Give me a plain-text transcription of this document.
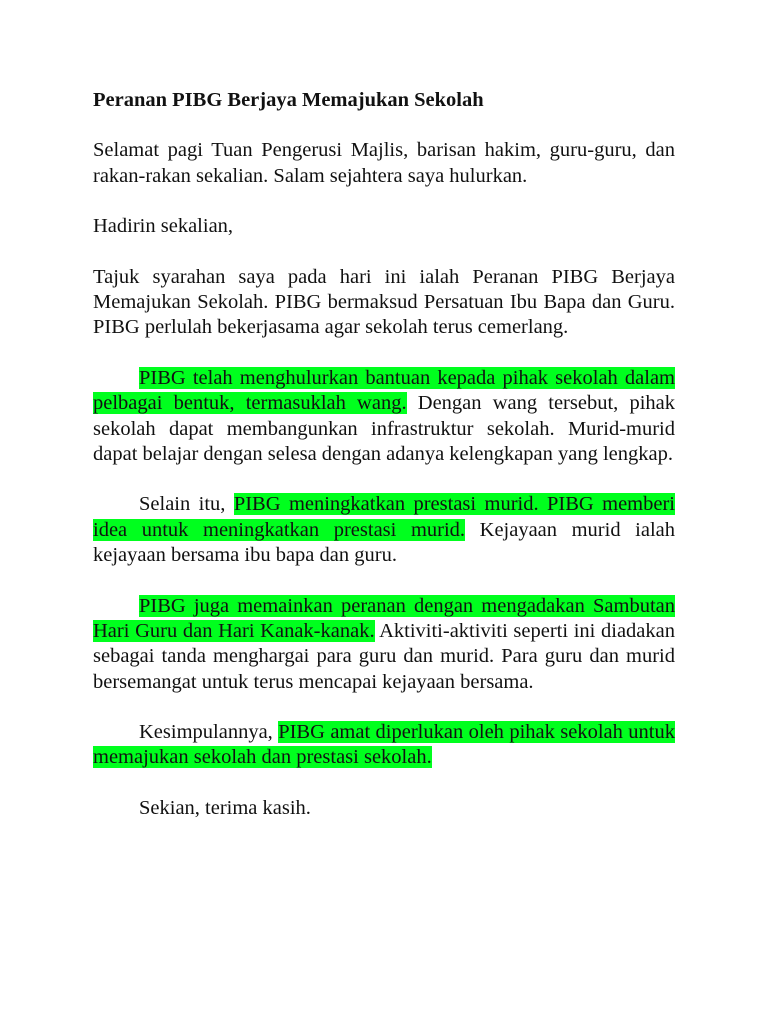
Peranan PIBG Berjaya Memajukan Sekolah

Selamat pagi Tuan Pengerusi Majlis, barisan hakim, guru-guru, dan rakan-rakan sekalian. Salam sejahtera saya hulurkan.

Hadirin sekalian,

Tajuk syarahan saya pada hari ini ialah Peranan PIBG Berjaya Memajukan Sekolah. PIBG bermaksud Persatuan Ibu Bapa dan Guru. PIBG perlulah bekerjasama agar sekolah terus cemerlang.

PIBG telah menghulurkan bantuan kepada pihak sekolah dalam pelbagai bentuk, termasuklah wang. Dengan wang tersebut, pihak sekolah dapat membangunkan infrastruktur sekolah. Murid-murid dapat belajar dengan selesa dengan adanya kelengkapan yang lengkap.

Selain itu, PIBG meningkatkan prestasi murid. PIBG memberi idea untuk meningkatkan prestasi murid. Kejayaan murid ialah kejayaan bersama ibu bapa dan guru.

PIBG juga memainkan peranan dengan mengadakan Sambutan Hari Guru dan Hari Kanak-kanak. Aktiviti-aktiviti seperti ini diadakan sebagai tanda menghargai para guru dan murid. Para guru dan murid bersemangat untuk terus mencapai kejayaan bersama.

Kesimpulannya, PIBG amat diperlukan oleh pihak sekolah untuk memajukan sekolah dan prestasi sekolah.

Sekian, terima kasih.
